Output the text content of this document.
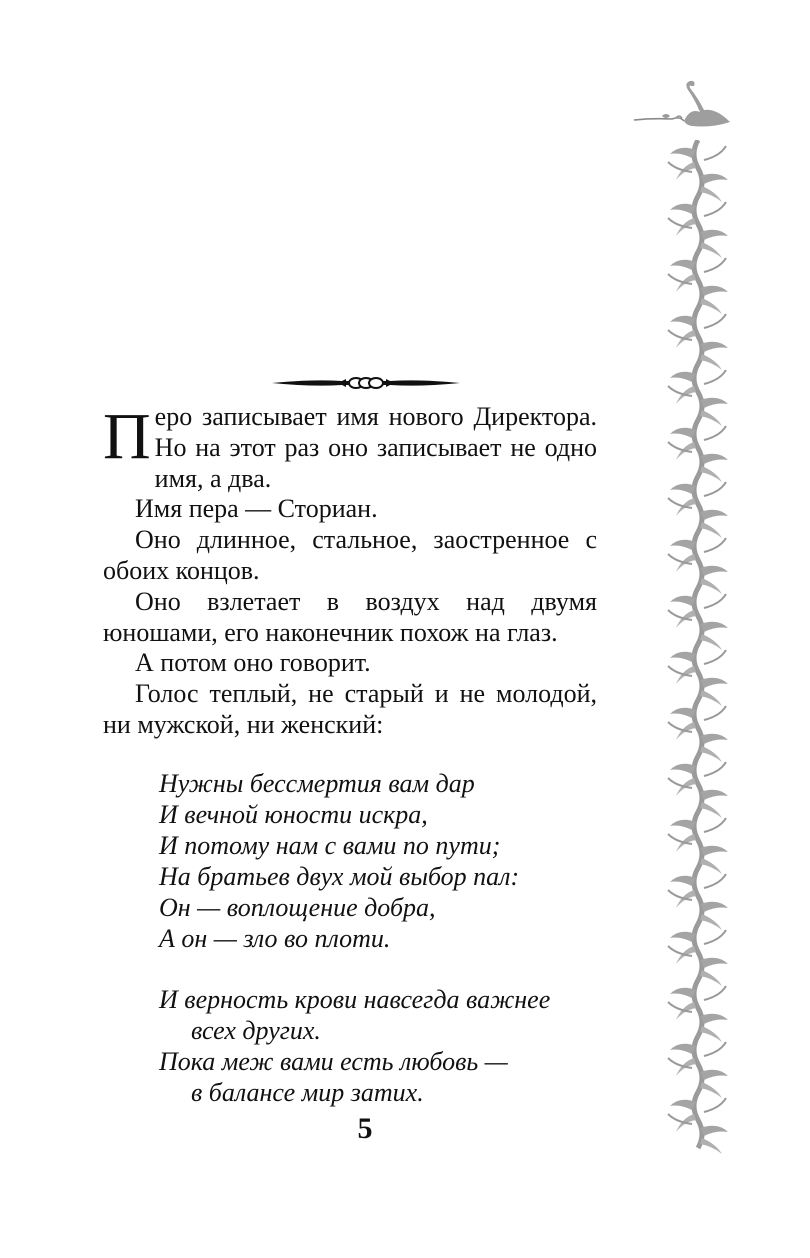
Перо записывает имя нового Директора. Но на этот раз оно записывает не одно имя, а два.

Имя пера — Сториан.

Оно длинное, стальное, заостренное с обоих концов.

Оно взлетает в воздух над двумя юношами, его наконечник похож на глаз.

А потом оно говорит.

Голос теплый, не старый и не молодой, ни мужской, ни женский:

Нужны бессмертия вам дар
И вечной юности искра,
И потому нам с вами по пути;
На братьев двух мой выбор пал:
Он — воплощение добра,
А он — зло во плоти.
И верность крови навсегда важнее
всех других.
Пока меж вами есть любовь —
в балансе мир затих.
5
